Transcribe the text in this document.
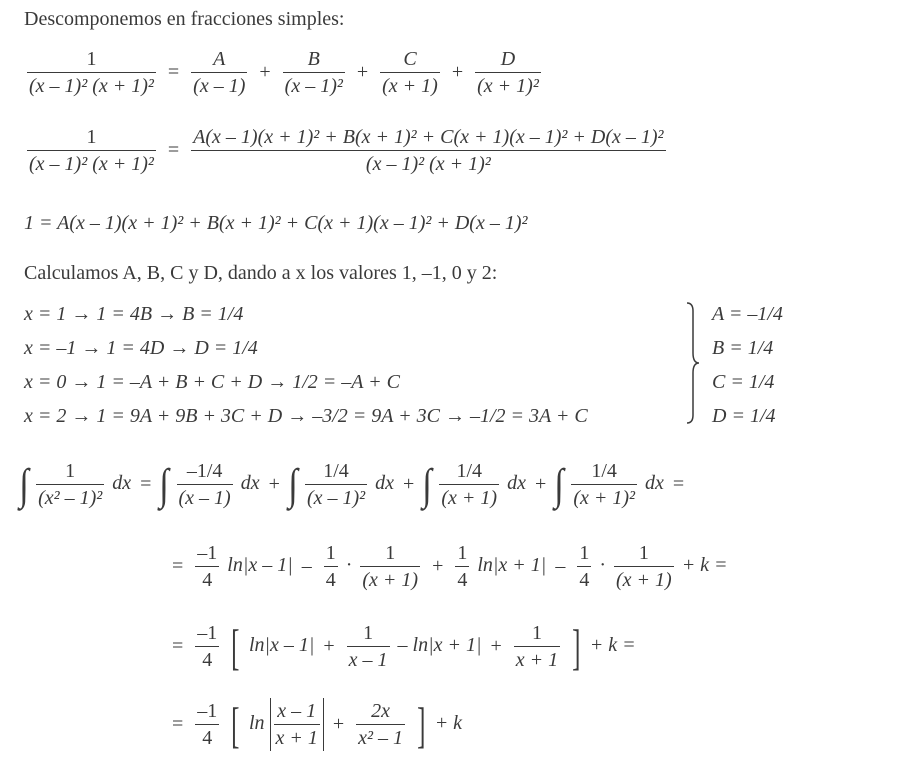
Descomponemos en fracciones simples:
$\frac{1}{\text{(x – 1)² (x + 1)²}} = \frac{A}{(x - 1)} + \frac{B}{\text{(x – 1)²}} + \frac{C}{(x + 1)} + \frac{D}{\text{(x + 1)²}}$
$\frac{1}{\text{(x – 1)² (x + 1)²}} = \frac{\text{A(x – 1)(x + 1)² + B(x + 1)² + C(x + 1)(x – 1)² + D(x – 1)²}}{\text{(x – 1)² (x + 1)²}}$
1 = A(x – 1)(x + 1)² + B(x + 1)² + C(x + 1)(x – 1)² + D(x – 1)²
Calculamos A, B, C y D, dando a x los valores 1, –1, 0 y 2:
x = 1 → 1 = 4B → B = 1/4
x = –1 → 1 = 4D → D = 1/4
x = 0 → 1 = –A + B + C + D → 1/2 = –A + C
x = 2 → 1 = 9A + 9B + 3C + D → –3/2 = 9A + 3C → –1/2 = 3A + C
A = –1/4
B = 1/4
C = 1/4
D = 1/4
∫ $\frac{1}{\text{(x² – 1)²}}$ dx = ∫ $\frac{-1/4}{(x - 1)}$ dx + ∫ $\frac{1/4}{\text{(x – 1)²}}$ dx + ∫ $\frac{1/4}{(x + 1)}$ dx + ∫ $\frac{1/4}{\text{(x + 1)²}}$ dx =
= $\frac{-1}{4} \ln|x - 1| - \frac{1}{4} \cdot \frac{1}{(x + 1)} + \frac{1}{4} \ln|x + 1| - \frac{1}{4} \cdot \frac{1}{(x + 1)} + k$ =
= $\frac{-1}{4}$ [ $\ln|x - 1| + \frac{1}{x - 1} - \ln|x + 1| + \frac{1}{x + 1}$ ] + k =
= $\frac{-1}{4}$ [ $\ln \frac{x - 1}{x + 1} + \frac{2x}{\text{x² – 1}}$ ] + k
